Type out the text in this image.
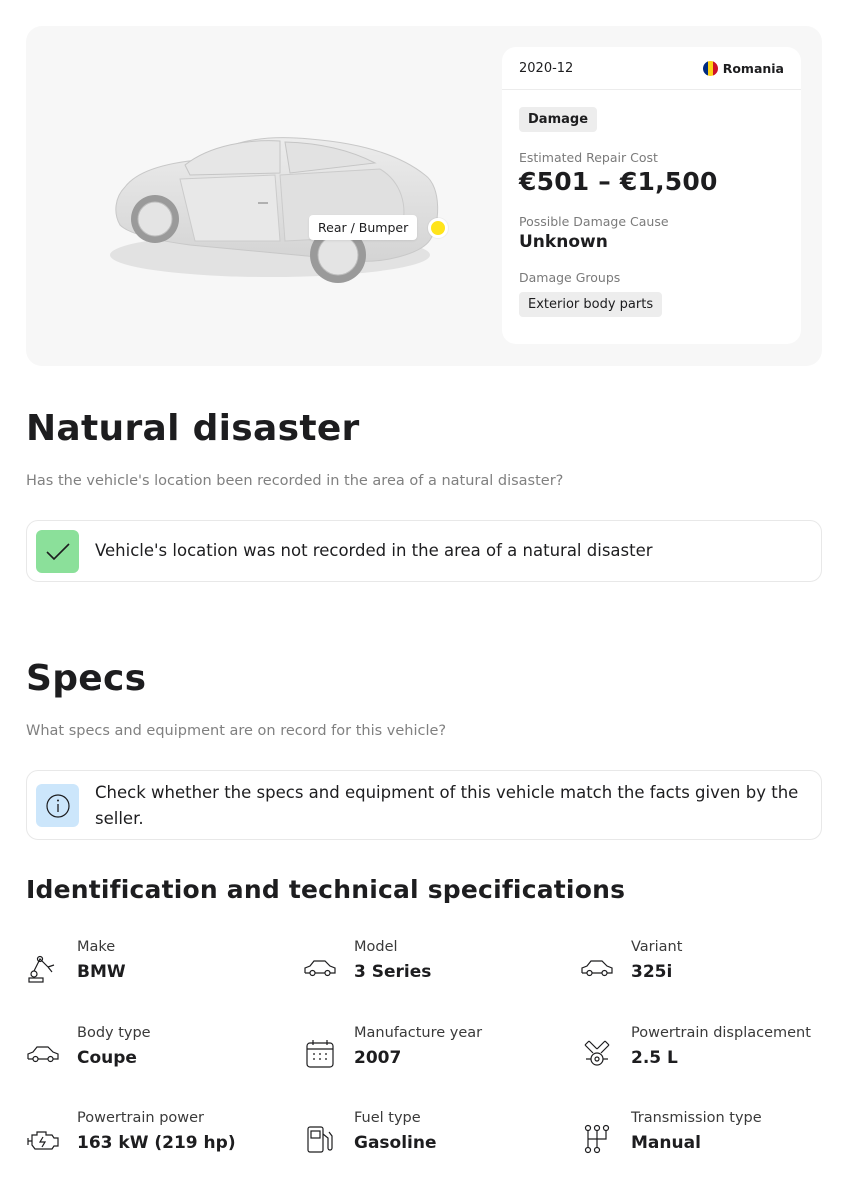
Rear / Bumper
2020-12	Romania
Damage
Estimated Repair Cost
€501 – €1,500
Possible Damage Cause
Unknown
Damage Groups
Exterior body parts
Natural disaster
Has the vehicle's location been recorded in the area of a natural disaster?
Vehicle's location was not recorded in the area of a natural disaster
Specs
What specs and equipment are on record for this vehicle?
Check whether the specs and equipment of this vehicle match the facts given by the seller.
Identification and technical specifications
Make
BMW
Model
3 Series
Variant
325i
Body type
Coupe
Manufacture year
2007
Powertrain displacement
2.5 L
Powertrain power
163 kW (219 hp)
Fuel type
Gasoline
Transmission type
Manual
